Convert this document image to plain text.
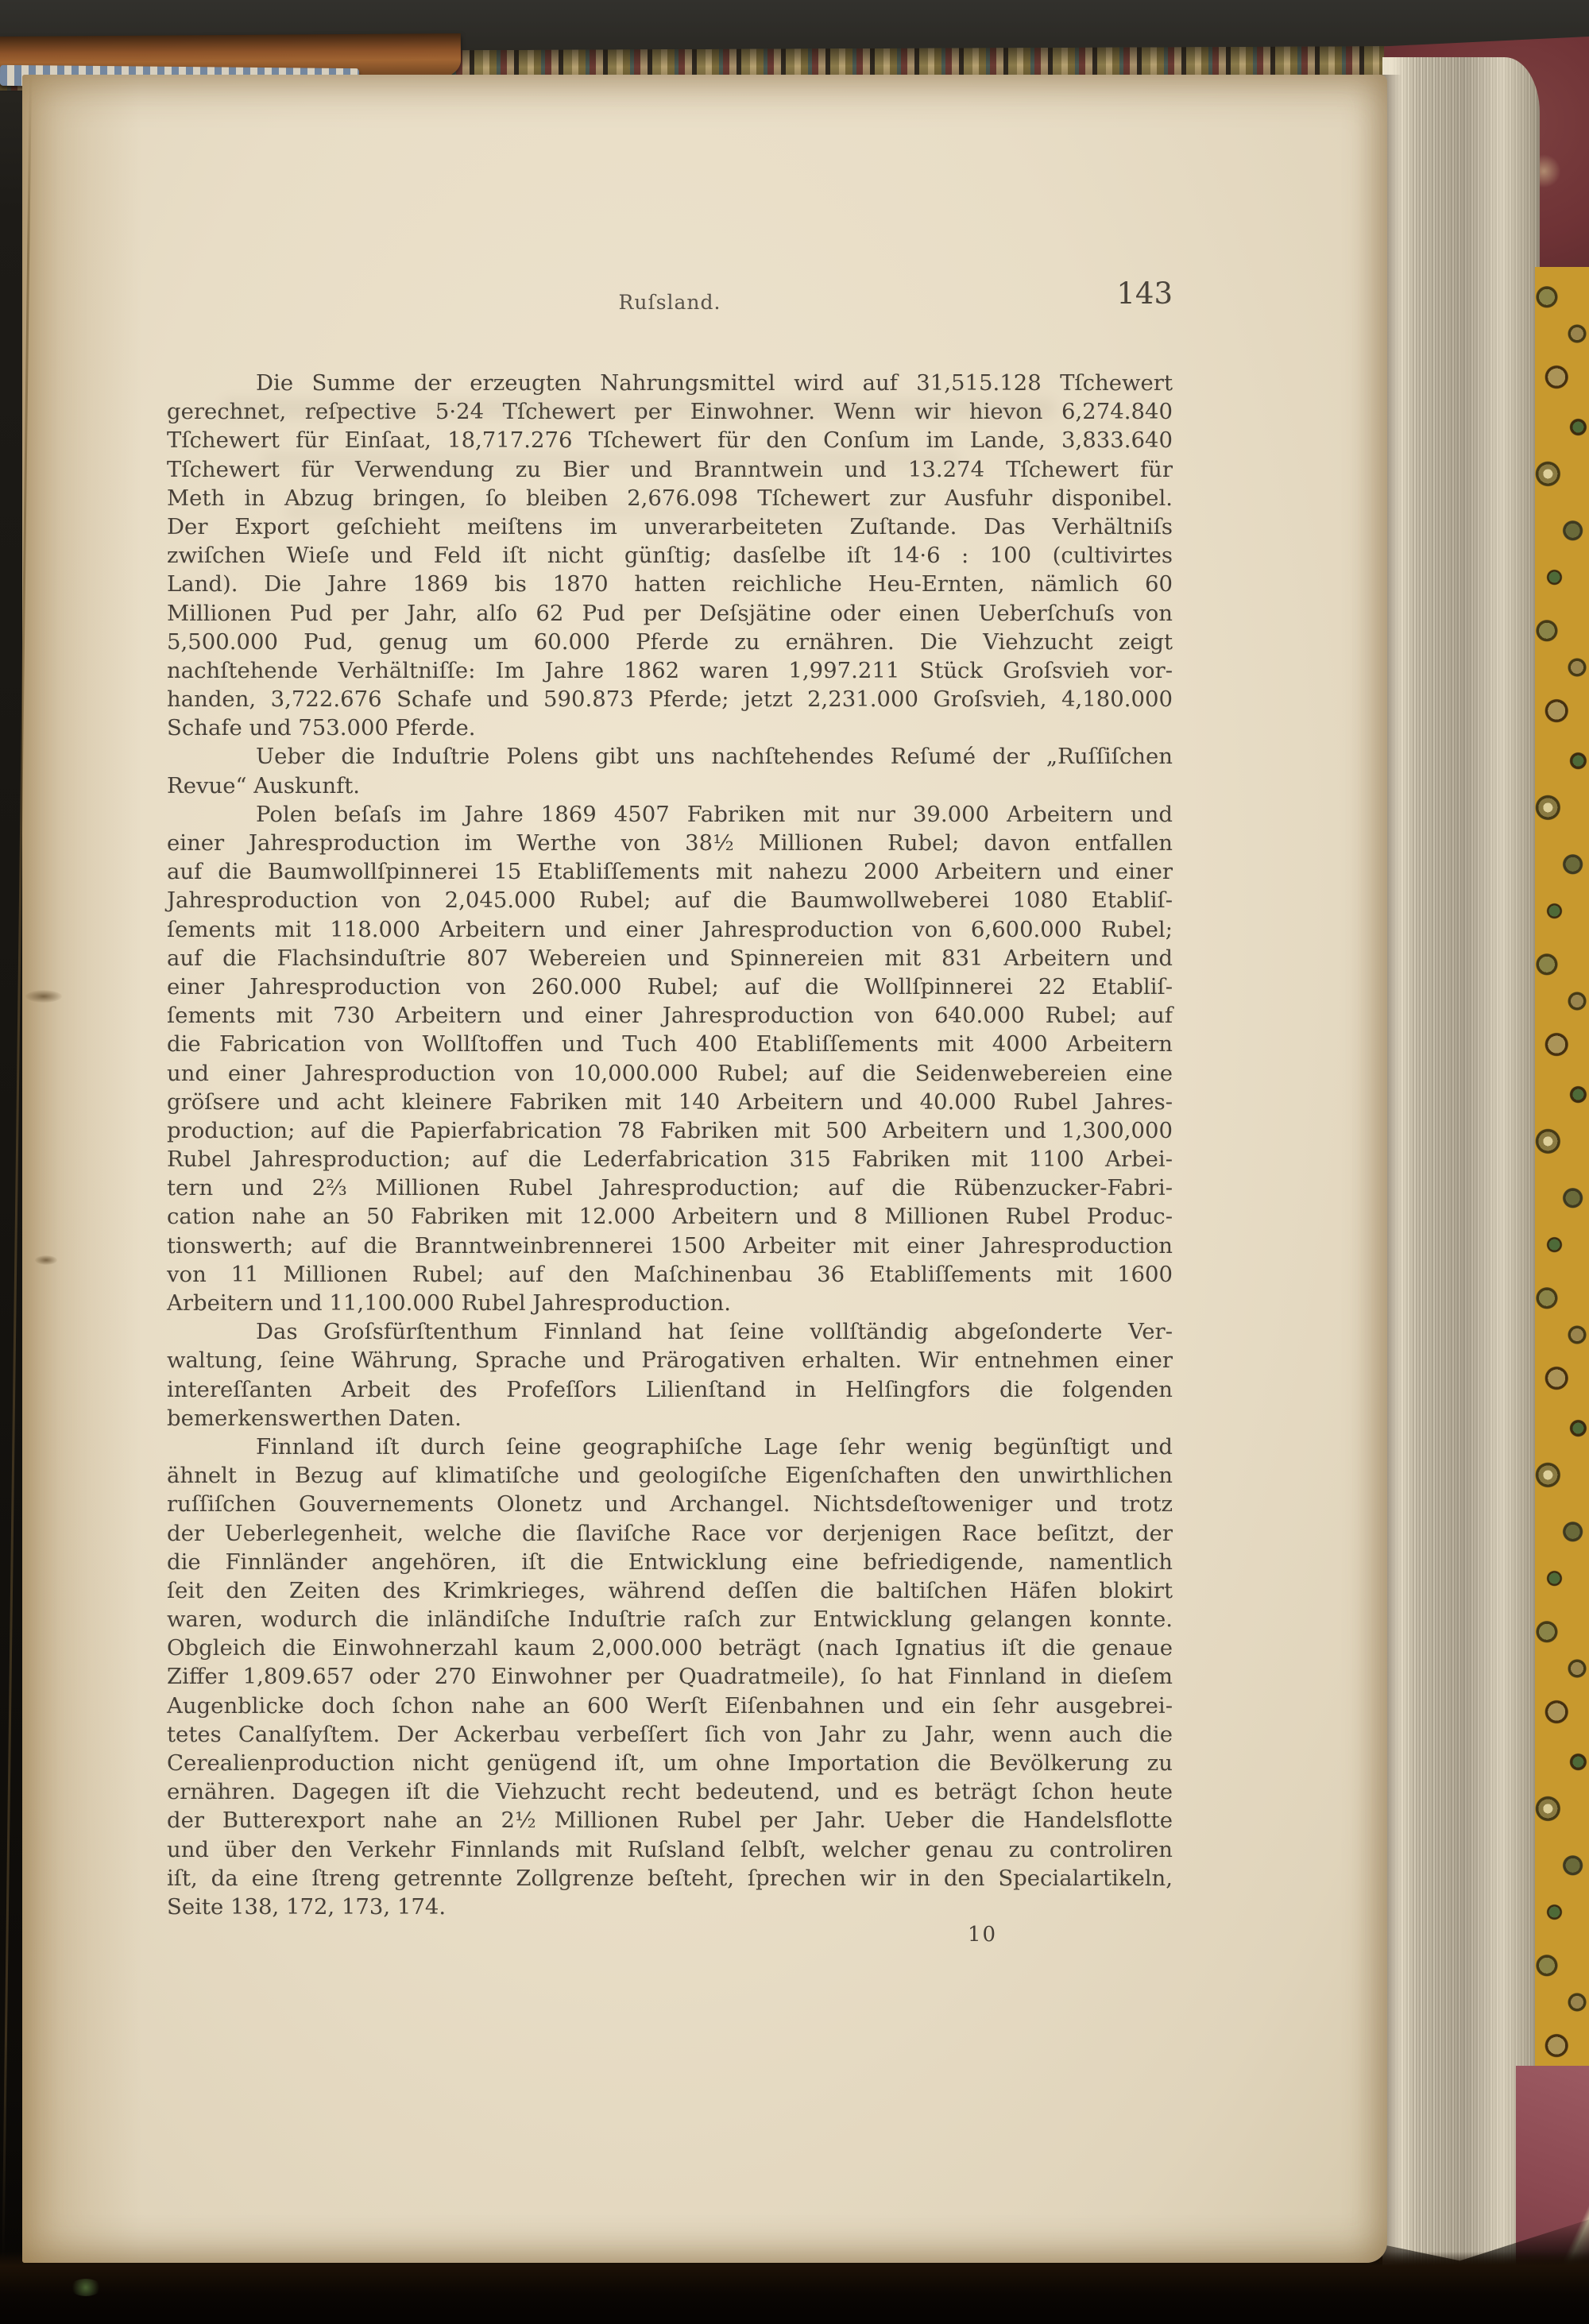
Ruſsland.	143
Die Summe der erzeugten Nahrungsmittel wird auf 31,515.128 Tſchewert
gerechnet, reſpective 5·24 Tſchewert per Einwohner. Wenn wir hievon 6,274.840
Tſchewert für Einſaat, 18,717.276 Tſchewert für den Conſum im Lande, 3,833.640
Tſchewert für Verwendung zu Bier und Branntwein und 13.274 Tſchewert für
Meth in Abzug bringen, ſo bleiben 2,676.098 Tſchewert zur Ausfuhr disponibel.
Der Export geſchieht meiſtens im unverarbeiteten Zuſtande. Das Verhältniſs
zwiſchen Wieſe und Feld iſt nicht günſtig; dasſelbe iſt 14·6 : 100 (cultivirtes
Land). Die Jahre 1869 bis 1870 hatten reichliche Heu-Ernten, nämlich 60
Millionen Pud per Jahr, alſo 62 Pud per Deſsjätine oder einen Ueberſchuſs von
5,500.000 Pud, genug um 60.000 Pferde zu ernähren. Die Viehzucht zeigt
nachſtehende Verhältniſſe: Im Jahre 1862 waren 1,997.211 Stück Groſsvieh vor-
handen, 3,722.676 Schafe und 590.873 Pferde; jetzt 2,231.000 Groſsvieh, 4,180.000
Schafe und 753.000 Pferde.
Ueber die Induſtrie Polens gibt uns nachſtehendes Reſumé der „Ruſſiſchen
Revue“ Auskunft.
Polen beſaſs im Jahre 1869 4507 Fabriken mit nur 39.000 Arbeitern und
einer Jahresproduction im Werthe von 38½ Millionen Rubel; davon entfallen
auf die Baumwollſpinnerei 15 Etabliſſements mit nahezu 2000 Arbeitern und einer
Jahresproduction von 2,045.000 Rubel; auf die Baumwollweberei 1080 Etabliſ-
ſements mit 118.000 Arbeitern und einer Jahresproduction von 6,600.000 Rubel;
auf die Flachsinduſtrie 807 Webereien und Spinnereien mit 831 Arbeitern und
einer Jahresproduction von 260.000 Rubel; auf die Wollſpinnerei 22 Etabliſ-
ſements mit 730 Arbeitern und einer Jahresproduction von 640.000 Rubel; auf
die Fabrication von Wollſtoffen und Tuch 400 Etabliſſements mit 4000 Arbeitern
und einer Jahresproduction von 10,000.000 Rubel; auf die Seidenwebereien eine
gröſsere und acht kleinere Fabriken mit 140 Arbeitern und 40.000 Rubel Jahres-
production; auf die Papierfabrication 78 Fabriken mit 500 Arbeitern und 1,300,000
Rubel Jahresproduction; auf die Lederfabrication 315 Fabriken mit 1100 Arbei-
tern und 2⅔ Millionen Rubel Jahresproduction; auf die Rübenzucker-Fabri-
cation nahe an 50 Fabriken mit 12.000 Arbeitern und 8 Millionen Rubel Produc-
tionswerth; auf die Branntweinbrennerei 1500 Arbeiter mit einer Jahresproduction
von 11 Millionen Rubel; auf den Maſchinenbau 36 Etabliſſements mit 1600
Arbeitern und 11,100.000 Rubel Jahresproduction.
Das Groſsfürſtenthum Finnland hat ſeine vollſtändig abgeſonderte Ver-
waltung, ſeine Währung, Sprache und Prärogativen erhalten. Wir entnehmen einer
intereſſanten Arbeit des Profeſſors Lilienſtand in Helſingfors die folgenden
bemerkenswerthen Daten.
Finnland iſt durch ſeine geographiſche Lage ſehr wenig begünſtigt und
ähnelt in Bezug auf klimatiſche und geologiſche Eigenſchaften den unwirthlichen
ruſſiſchen Gouvernements Olonetz und Archangel. Nichtsdeſtoweniger und trotz
der Ueberlegenheit, welche die ſlaviſche Race vor derjenigen Race beſitzt, der
die Finnländer angehören, iſt die Entwicklung eine befriedigende, namentlich
ſeit den Zeiten des Krimkrieges, während deſſen die baltiſchen Häfen blokirt
waren, wodurch die inländiſche Induſtrie raſch zur Entwicklung gelangen konnte.
Obgleich die Einwohnerzahl kaum 2,000.000 beträgt (nach Ignatius iſt die genaue
Ziffer 1,809.657 oder 270 Einwohner per Quadratmeile), ſo hat Finnland in dieſem
Augenblicke doch ſchon nahe an 600 Werſt Eiſenbahnen und ein ſehr ausgebrei-
tetes Canalſyſtem. Der Ackerbau verbeſſert ſich von Jahr zu Jahr, wenn auch die
Cerealienproduction nicht genügend iſt, um ohne Importation die Bevölkerung zu
ernähren. Dagegen iſt die Viehzucht recht bedeutend, und es beträgt ſchon heute
der Butterexport nahe an 2½ Millionen Rubel per Jahr. Ueber die Handelsflotte
und über den Verkehr Finnlands mit Ruſsland ſelbſt, welcher genau zu controliren
iſt, da eine ſtreng getrennte Zollgrenze beſteht, ſprechen wir in den Specialartikeln,
Seite 138, 172, 173, 174.
10
